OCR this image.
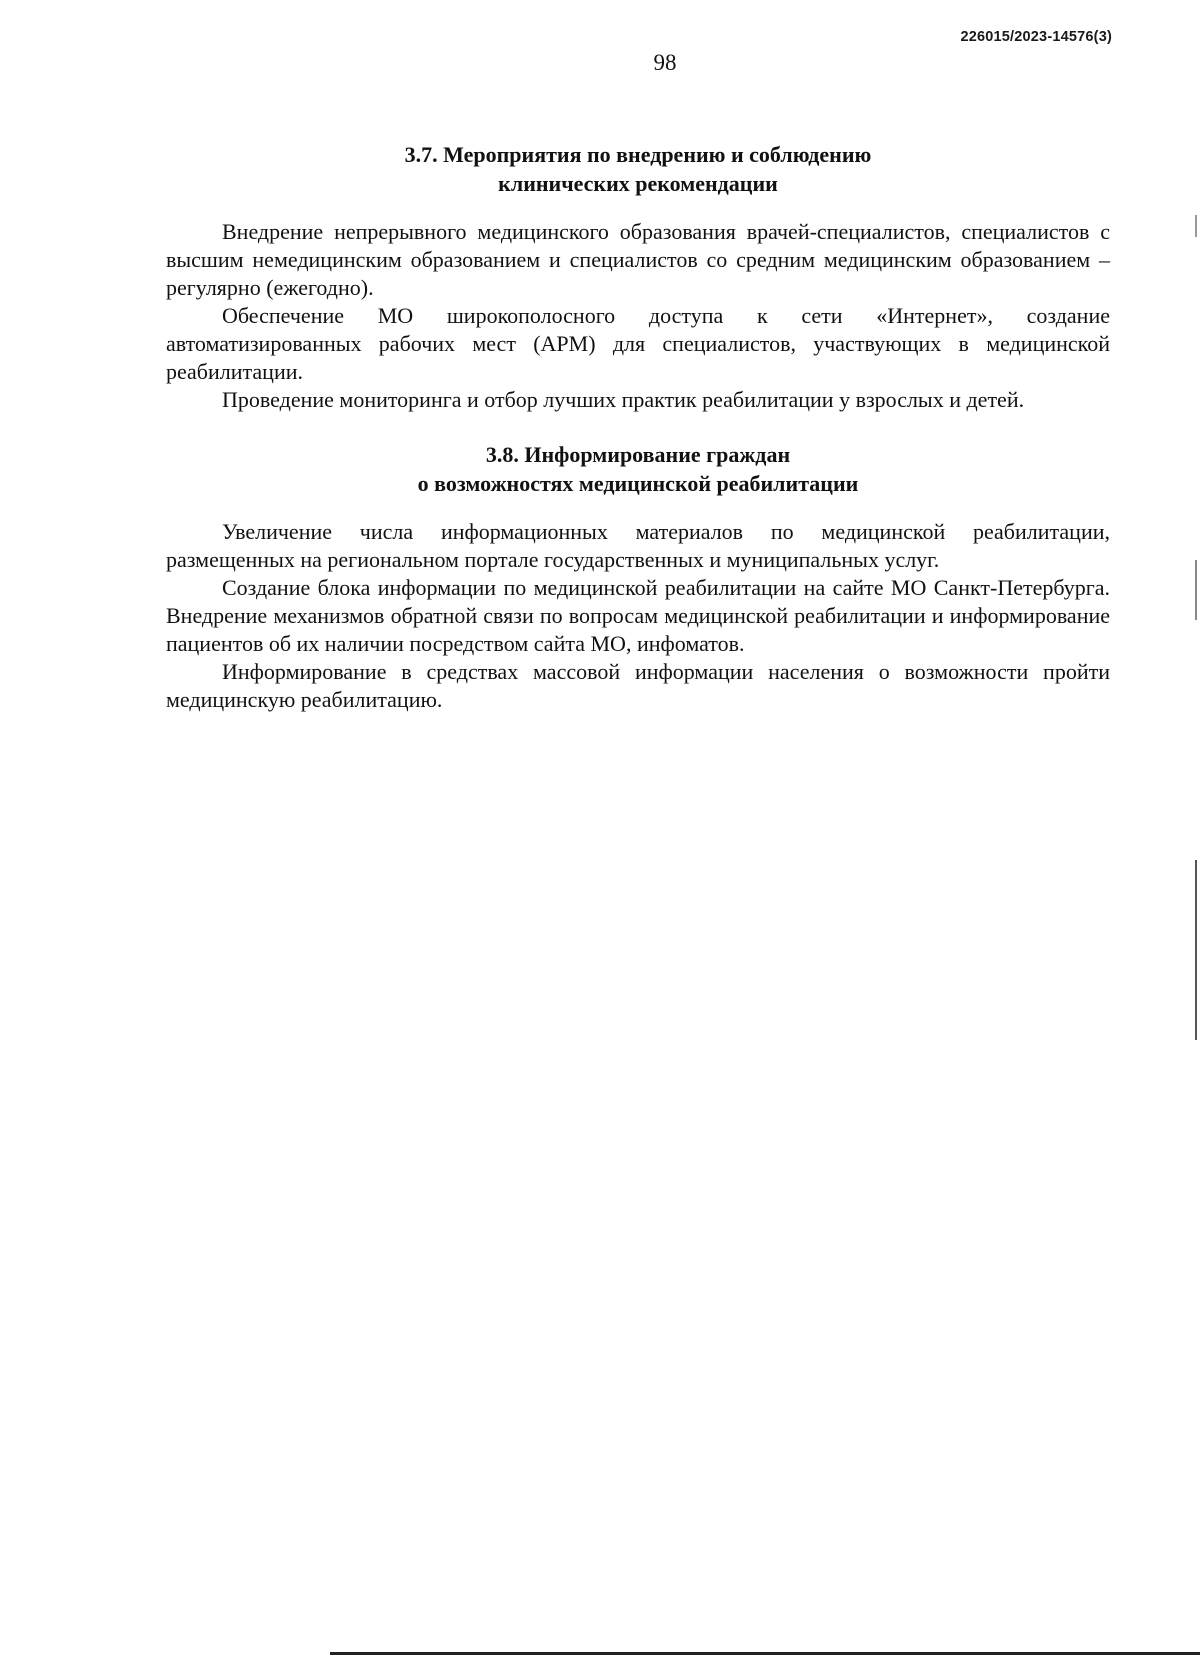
226015/2023-14576(3)
98
3.7. Мероприятия по внедрению и соблюдению
клинических рекомендации

Внедрение непрерывного медицинского образования врачей-специалистов, специалистов с высшим немедицинским образованием и специалистов со средним медицинским образованием – регулярно (ежегодно).

Обеспечение МО широкополосного доступа к сети «Интернет», создание автоматизированных рабочих мест (АРМ) для специалистов, участвующих в медицинской реабилитации.

Проведение мониторинга и отбор лучших практик реабилитации у взрослых и детей.

3.8. Информирование граждан
о возможностях медицинской реабилитации

Увеличение числа информационных материалов по медицинской реабилитации, размещенных на региональном портале государственных и муниципальных услуг.

Создание блока информации по медицинской реабилитации на сайте МО Санкт-Петербурга. Внедрение механизмов обратной связи по вопросам медицинской реабилитации и информирование пациентов об их наличии посредством сайта МО, инфоматов.

Информирование в средствах массовой информации населения о возможности пройти медицинскую реабилитацию.
